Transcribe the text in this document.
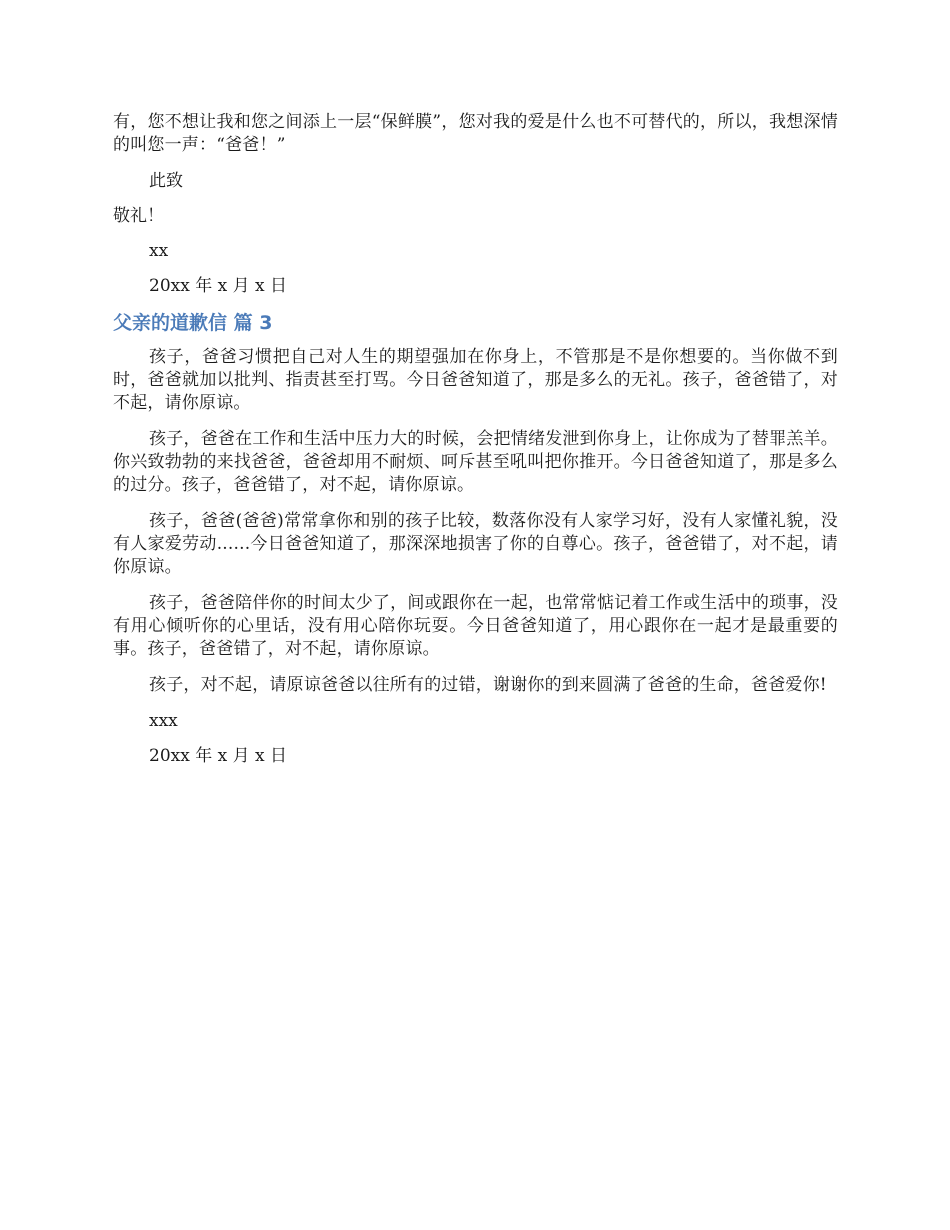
有，您不想让我和您之间添上一层“保鲜膜”，您对我的爱是什么也不可替代的，所以，我想深情的叫您一声：“爸爸！”

此致

敬礼！

xx

20xx 年 x 月 x 日

父亲的道歉信 篇 3

孩子，爸爸习惯把自己对人生的期望强加在你身上，不管那是不是你想要的。当你做不到时，爸爸就加以批判、指责甚至打骂。今日爸爸知道了，那是多么的无礼。孩子，爸爸错了，对不起，请你原谅。

孩子，爸爸在工作和生活中压力大的时候，会把情绪发泄到你身上，让你成为了替罪羔羊。你兴致勃勃的来找爸爸，爸爸却用不耐烦、呵斥甚至吼叫把你推开。今日爸爸知道了，那是多么的过分。孩子，爸爸错了，对不起，请你原谅。

孩子，爸爸(爸爸)常常拿你和别的孩子比较，数落你没有人家学习好，没有人家懂礼貌，没有人家爱劳动......今日爸爸知道了，那深深地损害了你的自尊心。孩子，爸爸错了，对不起，请你原谅。

孩子，爸爸陪伴你的时间太少了，间或跟你在一起，也常常惦记着工作或生活中的琐事，没有用心倾听你的心里话，没有用心陪你玩耍。今日爸爸知道了，用心跟你在一起才是最重要的事。孩子，爸爸错了，对不起，请你原谅。

孩子，对不起，请原谅爸爸以往所有的过错，谢谢你的到来圆满了爸爸的生命，爸爸爱你!

xxx

20xx 年 x 月 x 日
